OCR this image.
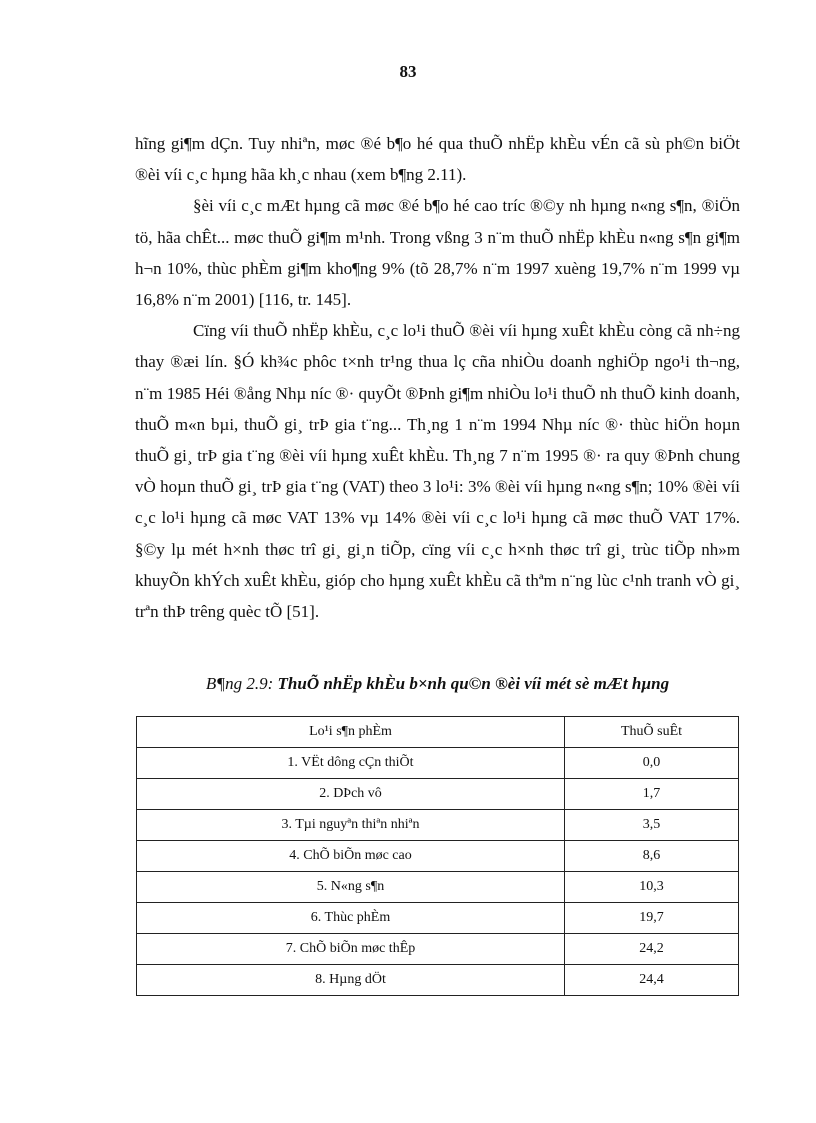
83

hĩng gi¶m dÇn. Tuy nhiªn, møc ®é b¶o hé qua thuÕ nhËp khÈu vÉn cã sù ph©n biÖt ®èi víi c¸c hµng hãa kh¸c nhau (xem b¶ng 2.11).

§èi víi c¸c mÆt hµng cã møc ®é b¶o hé cao tríc ®©y nh hµng n«ng s¶n, ®iÖn tö, hãa chÊt... møc thuÕ gi¶m m¹nh. Trong vßng 3 n¨m thuÕ nhËp khÈu n«ng s¶n gi¶m h¬n 10%, thùc phÈm gi¶m kho¶ng 9% (tõ 28,7% n¨m 1997 xuèng 19,7% n¨m 1999 vµ 16,8% n¨m 2001) [116, tr. 145].

Cïng víi thuÕ nhËp khÈu, c¸c lo¹i thuÕ ®èi víi hµng xuÊt khÈu còng cã nh÷ng thay ®æi lín. §Ó kh¾c phôc t×nh tr¹ng thua lç cña nhiÒu doanh nghiÖp ngo¹i th¬ng, n¨m 1985 Héi ®ång Nhµ níc ®· quyÕt ®Þnh gi¶m nhiÒu lo¹i thuÕ nh thuÕ kinh doanh, thuÕ m«n bµi, thuÕ gi¸ trÞ gia t¨ng... Th¸ng 1 n¨m 1994 Nhµ níc ®· thùc hiÖn hoµn thuÕ gi¸ trÞ gia t¨ng ®èi víi hµng xuÊt khÈu. Th¸ng 7 n¨m 1995 ®· ra quy ®Þnh chung vÒ hoµn thuÕ gi¸ trÞ gia t¨ng (VAT) theo 3 lo¹i: 3% ®èi víi hµng n«ng s¶n; 10% ®èi víi c¸c lo¹i hµng cã møc VAT 13% vµ 14% ®èi víi c¸c lo¹i hµng cã møc thuÕ VAT 17%. §©y lµ mét h×nh thøc trî gi¸ gi¸n tiÕp, cïng víi c¸c h×nh thøc trî gi¸ trùc tiÕp nh»m khuyÕn khÝch xuÊt khÈu, gióp cho hµng xuÊt khÈu cã thªm n¨ng lùc c¹nh tranh vÒ gi¸ trªn thÞ trêng quèc tÕ [51].

B¶ng 2.9: ThuÕ nhËp khÈu b×nh qu©n ®èi víi mét sè mÆt hµng
Lo¹i s¶n phÈm	ThuÕ suÊt
1. VËt dông cÇn thiÕt	0,0
2. DÞch vô	1,7
3. Tµi nguyªn thiªn nhiªn	3,5
4. ChÕ biÕn møc cao	8,6
5. N«ng s¶n	10,3
6. Thùc phÈm	19,7
7. ChÕ biÕn møc thÊp	24,2
8. Hµng dÖt	24,4
